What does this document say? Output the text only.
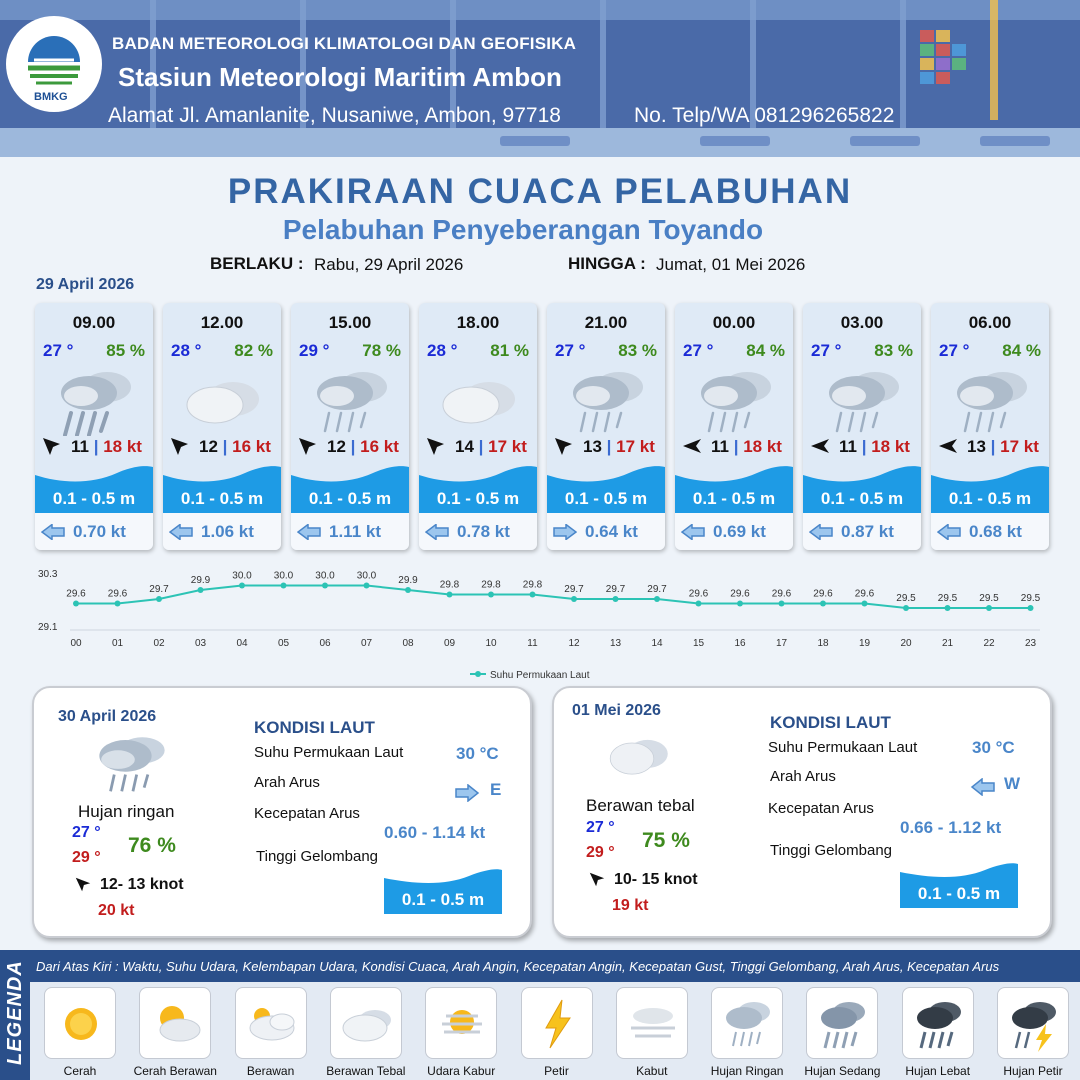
BMKG
BADAN METEOROLOGI KLIMATOLOGI DAN GEOFISIKA
Stasiun Meteorologi Maritim Ambon
Alamat Jl. Amanlanite, Nusaniwe, Ambon, 97718	No. Telp/WA 081296265822
PRAKIRAAN CUACA PELABUHAN
Pelabuhan Penyeberangan Toyando
BERLAKU : Rabu, 29 April 2026	HINGGA : Jumat, 01 Mei 2026
29 April 2026
09.00
27 ° 85 %
11 | 18 kt
0.1 - 0.5 m
0.70 kt
12.00
28 ° 82 %
12 | 16 kt
0.1 - 0.5 m
1.06 kt
15.00
29 ° 78 %
12 | 16 kt
0.1 - 0.5 m
1.11 kt
18.00
28 ° 81 %
14 | 17 kt
0.1 - 0.5 m
0.78 kt
21.00
27 ° 83 %
13 | 17 kt
0.1 - 0.5 m
0.64 kt
00.00
27 ° 84 %
11 | 18 kt
0.1 - 0.5 m
0.69 kt
03.00
27 ° 83 %
11 | 18 kt
0.1 - 0.5 m
0.87 kt
06.00
27 ° 84 %
13 | 17 kt
0.1 - 0.5 m
0.68 kt
30.3
29.1
29.6
00
29.6
01
29.7
02
29.9
03
30.0
04
30.0
05
30.0
06
30.0
07
29.9
08
29.8
09
29.8
10
29.8
11
29.7
12
29.7
13
29.7
14
29.6
15
29.6
16
29.6
17
29.6
18
29.6
19
29.5
20
29.5
21
29.5
22
29.5
23
Suhu Permukaan Laut
30 April 2026
Hujan ringan
27 °
29 °
76 %
12- 13 knot
20 kt
KONDISI LAUT
Suhu Permukaan Laut	30 °C
Arah Arus	E
Kecepatan Arus
0.60 - 1.14 kt
Tinggi Gelombang
0.1 - 0.5 m
01 Mei 2026
Berawan tebal
27 °
29 °
75 %
10- 15 knot
19 kt
KONDISI LAUT
Suhu Permukaan Laut	30 °C
Arah Arus	W
Kecepatan Arus
0.66 - 1.12 kt
Tinggi Gelombang
0.1 - 0.5 m
LEGENDA Dari Atas Kiri : Waktu, Suhu Udara, Kelembapan Udara, Kondisi Cuaca, Arah Angin, Kecepatan Angin, Kecepatan Gust, Tinggi Gelombang, Arah Arus, Kecepatan Arus
Cerah	Cerah Berawan	Berawan	Berawan Tebal	Udara Kabur	Petir	Kabut	Hujan Ringan	Hujan Sedang	Hujan Lebat	Hujan Petir
